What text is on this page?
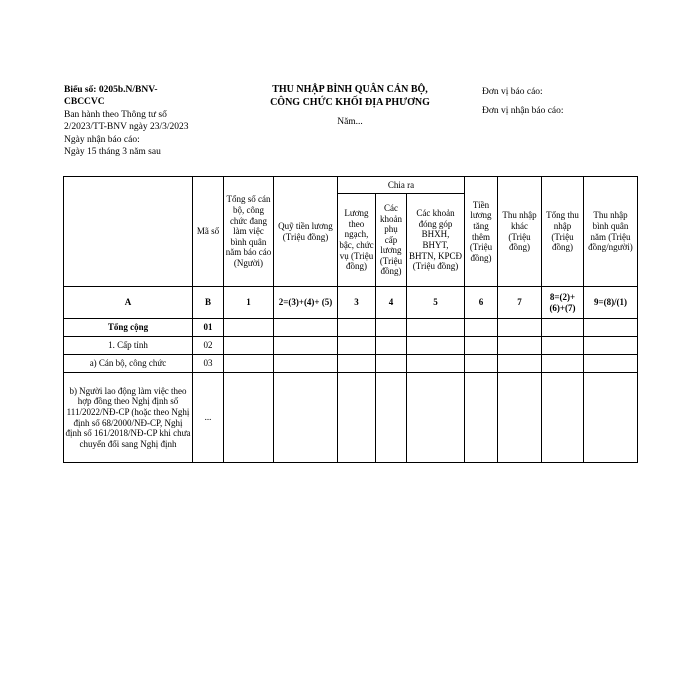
Biểu số: 0205b.N/BNV-
CBCCVC
Ban hành theo Thông tư số
2/2023/TT-BNV ngày 23/3/2023
Ngày nhận báo cáo:
Ngày 15 tháng 3 năm sau
THU NHẬP BÌNH QUÂN CÁN BỘ,
CÔNG CHỨC KHỐI ĐỊA PHƯƠNG
Năm...
Đơn vị báo cáo:
Đơn vị nhận báo cáo:
	Mã số	Tổng số cán bộ, công chức đang làm việc bình quân năm báo cáo (Người)	Quỹ tiền lương (Triệu đồng)	Chia ra			Tiền lương tăng thêm (Triệu đồng)	Thu nhập khác (Triệu đồng)	Tổng thu nhập (Triệu đồng)	Thu nhập bình quân năm (Triệu đồng/người)
				Lương theo ngạch, bậc, chức vụ (Triệu đồng)	Các khoản phụ cấp lương (Triệu đồng)	Các khoản đóng góp BHXH, BHYT, BHTN, KPCĐ (Triệu đồng)				
A	B	1	2=(3)+(4)+ (5)	3	4	5	6	7	8=(2)+ (6)+(7)	9=(8)/(1)
Tổng cộng	01									
1. Cấp tỉnh	02									
a) Cán bộ, công chức	03									
b) Người lao động làm việc theo hợp đồng theo Nghị định số 111/2022/NĐ-CP (hoặc theo Nghị định số 68/2000/NĐ-CP, Nghị định số 161/2018/NĐ-CP khi chưa chuyển đổi sang Nghị định	...									
